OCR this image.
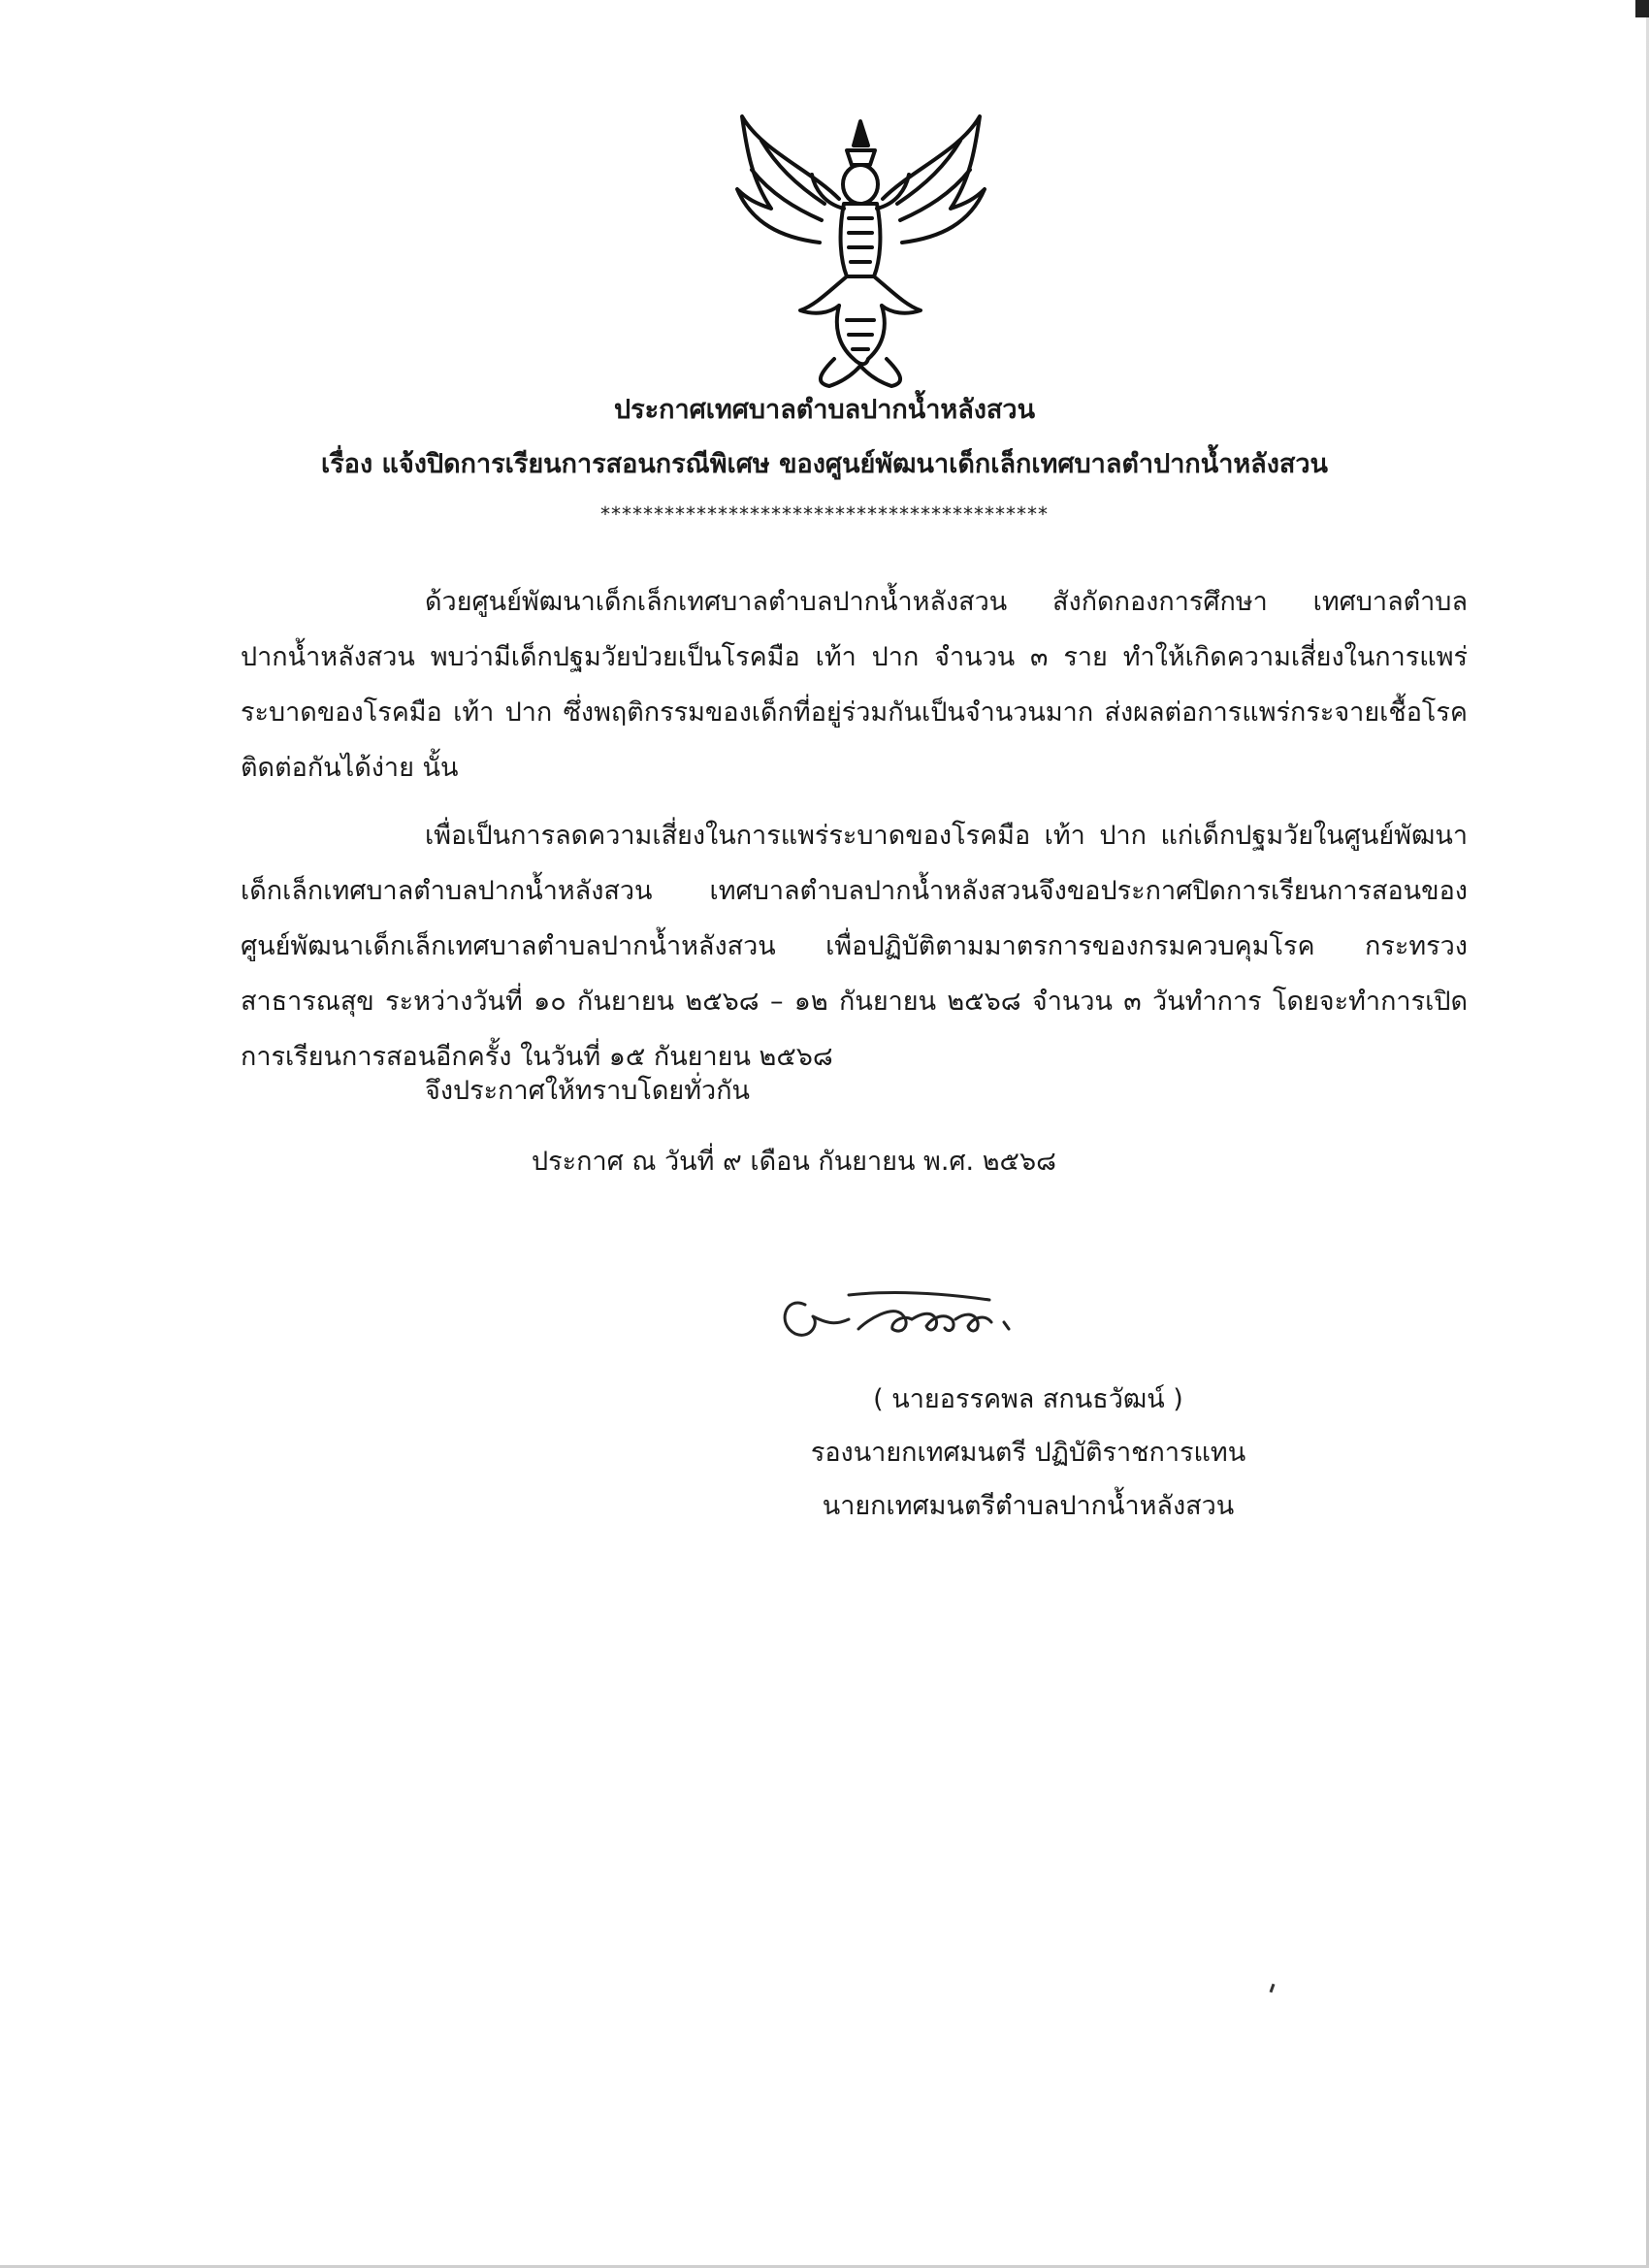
ประกาศเทศบาลตำบลปากน้ำหลังสวน
เรื่อง แจ้งปิดการเรียนการสอนกรณีพิเศษ ของศูนย์พัฒนาเด็กเล็กเทศบาลตำปากน้ำหลังสวน
******************************************
ด้วยศูนย์พัฒนาเด็กเล็กเทศบาลตำบลปากน้ำหลังสวน สังกัดกองการศึกษา เทศบาลตำบลปากน้ำหลังสวน พบว่ามีเด็กปฐมวัยป่วยเป็นโรคมือ เท้า ปาก จำนวน ๓ ราย ทำให้เกิดความเสี่ยงในการแพร่ระบาดของโรคมือ เท้า ปาก ซึ่งพฤติกรรมของเด็กที่อยู่ร่วมกันเป็นจำนวนมาก ส่งผลต่อการแพร่กระจายเชื้อโรคติดต่อกันได้ง่าย นั้น
เพื่อเป็นการลดความเสี่ยงในการแพร่ระบาดของโรคมือ เท้า ปาก แก่เด็กปฐมวัยในศูนย์พัฒนาเด็กเล็กเทศบาลตำบลปากน้ำหลังสวน เทศบาลตำบลปากน้ำหลังสวนจึงขอประกาศปิดการเรียนการสอนของศูนย์พัฒนาเด็กเล็กเทศบาลตำบลปากน้ำหลังสวน เพื่อปฏิบัติตามมาตรการของกรมควบคุมโรค กระทรวงสาธารณสุข ระหว่างวันที่ ๑๐ กันยายน ๒๕๖๘ – ๑๒ กันยายน ๒๕๖๘ จำนวน ๓ วันทำการ โดยจะทำการเปิดการเรียนการสอนอีกครั้ง ในวันที่ ๑๕ กันยายน ๒๕๖๘
จึงประกาศให้ทราบโดยทั่วกัน
ประกาศ ณ วันที่ ๙ เดือน กันยายน พ.ศ. ๒๕๖๘
( นายอรรคพล สกนธวัฒน์ )
รองนายกเทศมนตรี ปฏิบัติราชการแทน
นายกเทศมนตรีตำบลปากน้ำหลังสวน
